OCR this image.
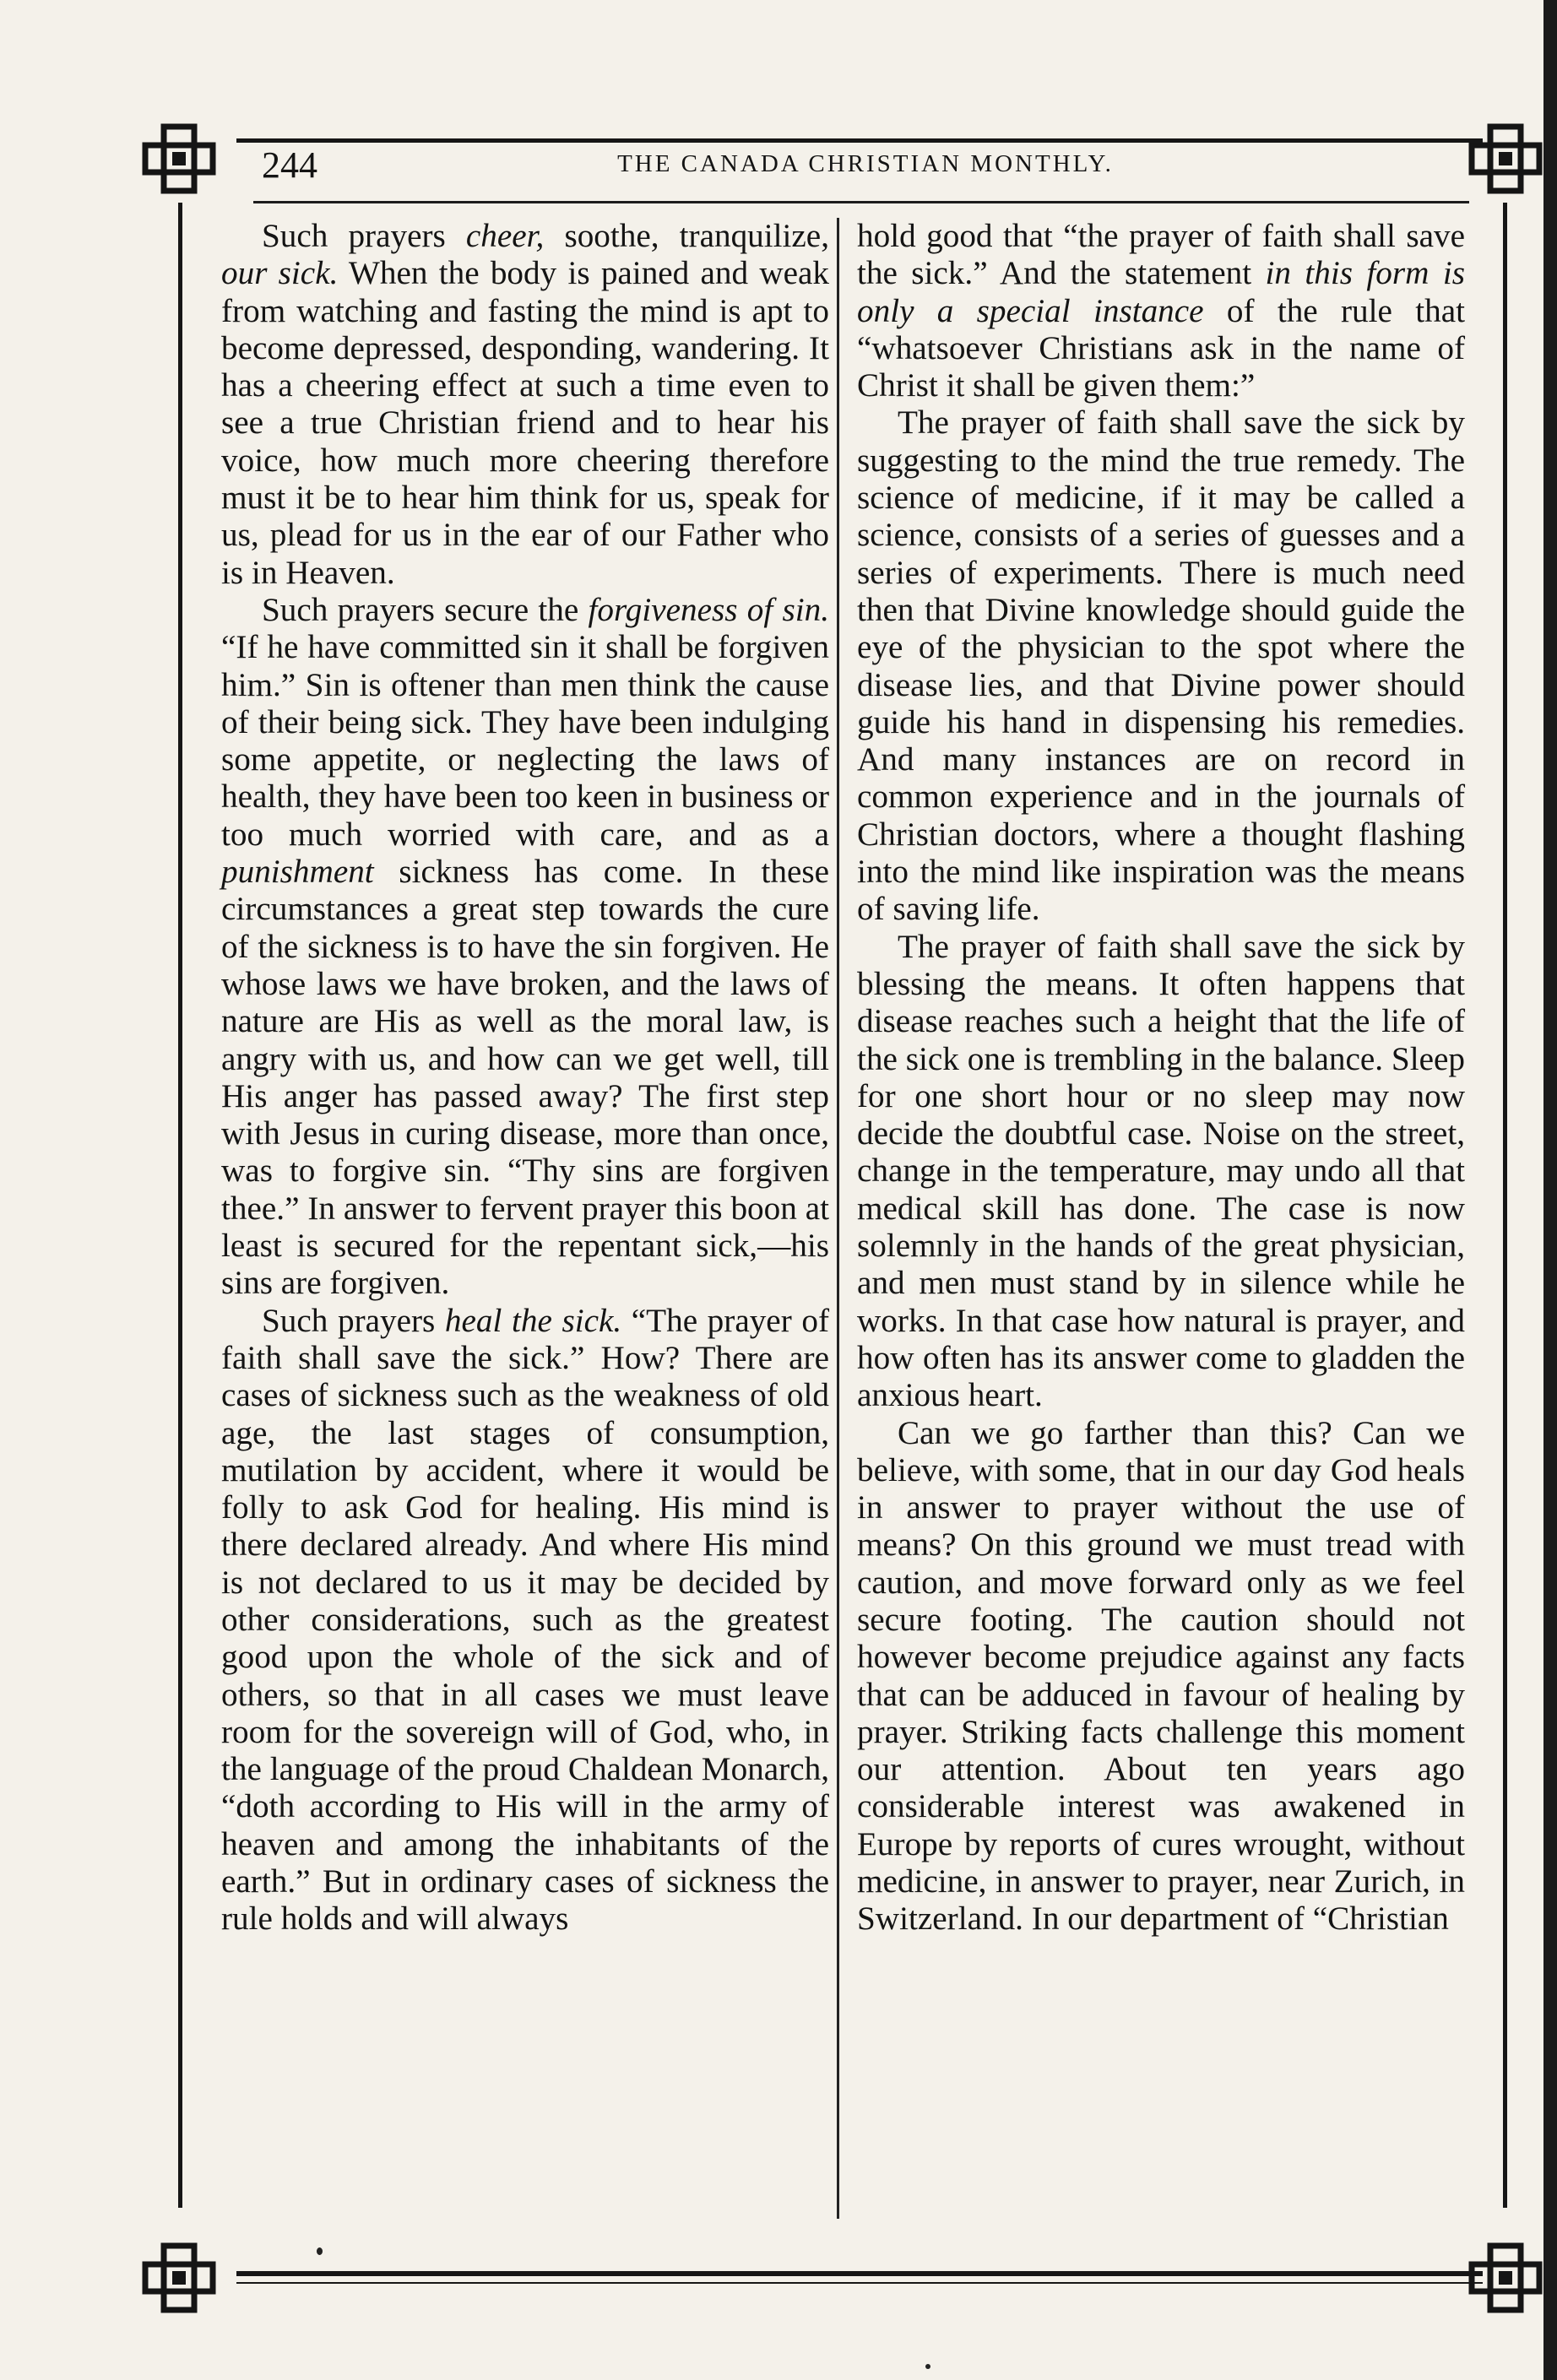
244	THE CANADA CHRISTIAN MONTHLY.

Such prayers cheer, soothe, tranquilize, our sick. When the body is pained and weak from watching and fasting the mind is apt to become depressed, desponding, wandering. It has a cheering effect at such a time even to see a true Christian friend and to hear his voice, how much more cheering therefore must it be to hear him think for us, speak for us, plead for us in the ear of our Father who is in Heaven.

Such prayers secure the forgiveness of sin. “If he have committed sin it shall be forgiven him.” Sin is oftener than men think the cause of their being sick. They have been indulging some appetite, or neglecting the laws of health, they have been too keen in business or too much worried with care, and as a punishment sickness has come. In these circumstances a great step towards the cure of the sickness is to have the sin forgiven. He whose laws we have broken, and the laws of nature are His as well as the moral law, is angry with us, and how can we get well, till His anger has passed away? The first step with Jesus in curing disease, more than once, was to forgive sin. “Thy sins are forgiven thee.” In answer to fervent prayer this boon at least is secured for the repentant sick,—his sins are forgiven.

Such prayers heal the sick. “The prayer of faith shall save the sick.” How? There are cases of sickness such as the weakness of old age, the last stages of consumption, mutilation by accident, where it would be folly to ask God for healing. His mind is there declared already. And where His mind is not declared to us it may be decided by other considerations, such as the greatest good upon the whole of the sick and of others, so that in all cases we must leave room for the sovereign will of God, who, in the language of the proud Chaldean Monarch, “doth according to His will in the army of heaven and among the inhabitants of the earth.” But in ordinary cases of sickness the rule holds and will always

hold good that “the prayer of faith shall save the sick.” And the statement in this form is only a special instance of the rule that “whatsoever Christians ask in the name of Christ it shall be given them:”

The prayer of faith shall save the sick by suggesting to the mind the true remedy. The science of medicine, if it may be called a science, consists of a series of guesses and a series of experiments. There is much need then that Divine knowledge should guide the eye of the physician to the spot where the disease lies, and that Divine power should guide his hand in dispensing his remedies. And many instances are on record in common experience and in the journals of Christian doctors, where a thought flashing into the mind like inspiration was the means of saving life.

The prayer of faith shall save the sick by blessing the means. It often happens that disease reaches such a height that the life of the sick one is trembling in the balance. Sleep for one short hour or no sleep may now decide the doubtful case. Noise on the street, change in the temperature, may undo all that medical skill has done. The case is now solemnly in the hands of the great physician, and men must stand by in silence while he works. In that case how natural is prayer, and how often has its answer come to gladden the anxious heart.

Can we go farther than this? Can we believe, with some, that in our day God heals in answer to prayer without the use of means? On this ground we must tread with caution, and move forward only as we feel secure footing. The caution should not however become prejudice against any facts that can be adduced in favour of healing by prayer. Striking facts challenge this moment our attention. About ten years ago considerable interest was awakened in Europe by reports of cures wrought, without medicine, in answer to prayer, near Zurich, in Switzerland. In our department of “Christian
